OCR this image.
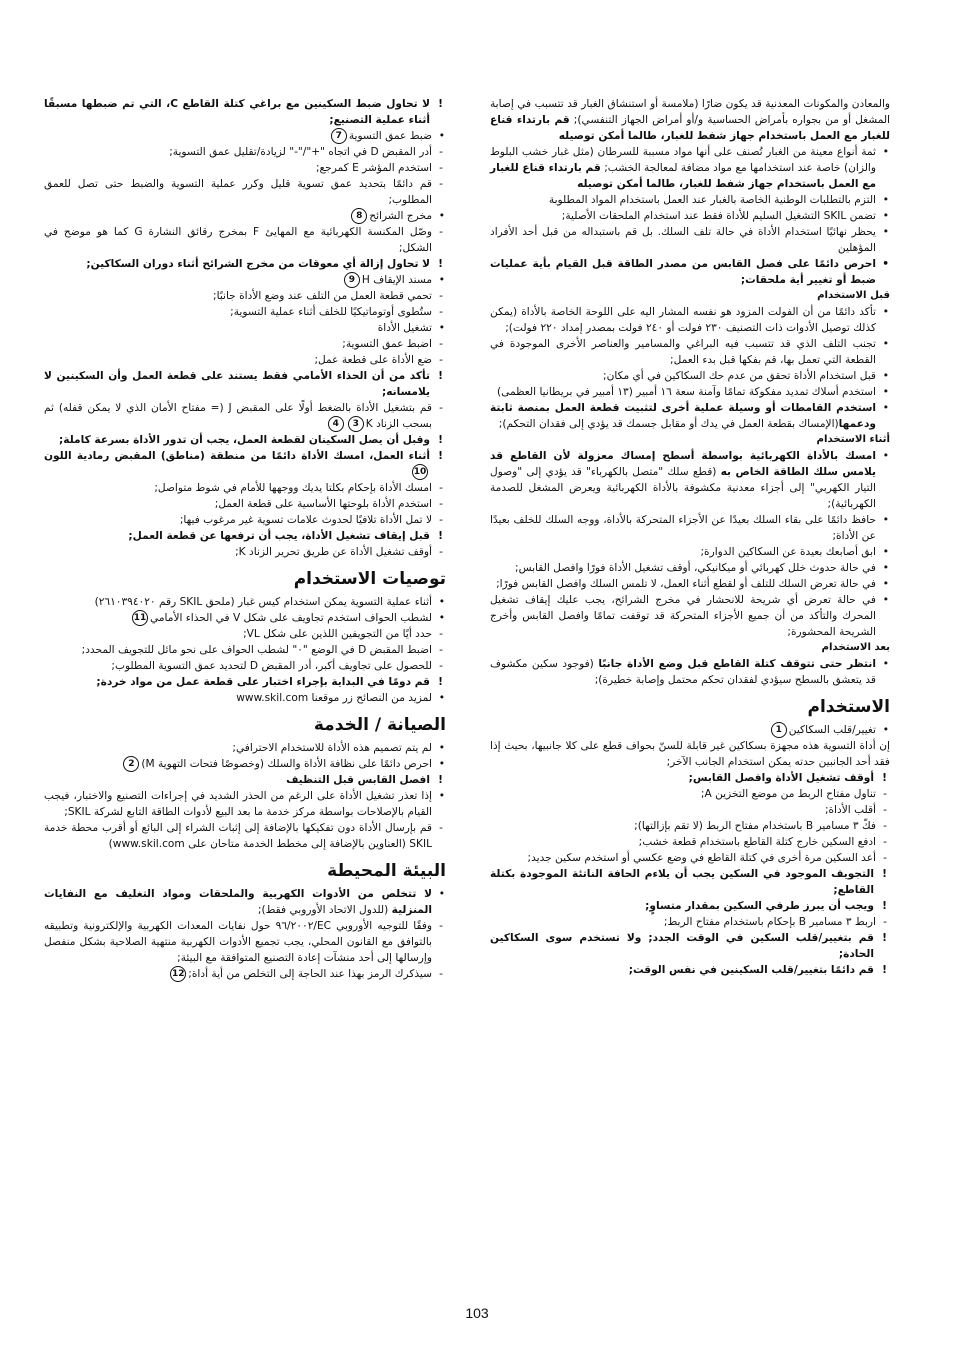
والمعادن والمكونات المعدنية قد يكون ضارًا (ملامسة أو استنشاق الغبار قد تتسبب في إصابة المشغل أو من بجواره بأمراض الحساسية و/أو أمراض الجهاز التنفسي); قم بارتداء قناع للغبار مع العمل باستخدام جهاز شفط للغبار، طالما أمكن توصيله

• ثمة أنواع معينة من الغبار تُصنف على أنها مواد مسببة للسرطان (مثل غبار خشب البلوط والزان) خاصة عند استخدامها مع مواد مضافة لمعالجة الخشب; قم بارتداء قناع للغبار مع العمل باستخدام جهاز شفط للغبار، طالما أمكن توصيله

• التزم بالتطلبات الوطنية الخاصة بالغبار عند العمل باستخدام المواد المطلوبة

• تضمن SKIL التشغيل السليم للأداة فقط عند استخدام الملحقات الأصلية;

• يحظر نهائيًا استخدام الأداة في حالة تلف السلك. بل قم باستبداله من قبل أحد الأفراد المؤهلين

• احرص دائمًا على فصل القابس من مصدر الطاقة قبل القيام بأية عمليات ضبط أو تغيير أية ملحقات;

قبل الاستخدام

• تأكد دائمًا من أن الفولت المزود هو نفسه المشار اليه على اللوحة الخاصة بالأداة (يمكن كذلك توصيل الأدوات ذات التصنيف ٢٣٠ فولت أو ٢٤٠ فولت بمصدر إمداد ٢٢٠ فولت);

• تجنب التلف الذي قد تتسبب فيه البراغي والمسامير والعناصر الأخرى الموجودة في القطعة التي تعمل بها، قم بفكها قبل بدء العمل;

• قبل استخدام الأداة تحقق من عدم حك السكاكين في أي مكان;

• استخدم أسلاك تمديد مفكوكة تمامًا وآمنة سعة ١٦ أمبير (١٣ أمبير في بريطانيا العظمى)

• استخدم القامطات أو وسيلة عملية أخرى لتثبيت قطعة العمل بمنصة ثابتة ودعمها(الإمساك بقطعة العمل في يدك أو مقابل جسمك قد يؤدي إلى فقدان التحكم);

أثناء الاستخدام

• امسك بالأداة الكهربائية بواسطة أسطح إمساك معزولة لأن القاطع قد يلامس سلك الطاقة الخاص به (قطع سلك "متصل بالكهرباء" قد يؤدي إلى "وصول التيار الكهربي" إلى أجزاء معدنية مكشوفة بالأداة الكهربائية ويعرض المشغل للصدمة الكهربائية);

• حافظ دائمًا على بقاء السلك بعيدًا عن الأجزاء المتحركة بالأداة، ووجه السلك للخلف بعيدًا عن الأداة;

• ابق أصابعك بعيدة عن السكاكين الدوارة;

• في حالة حدوث خلل كهربائي أو ميكانيكي، أوقف تشغيل الأداة فورًا وافصل القابس;

• في حالة تعرض السلك للتلف أو لقطع أثناء العمل، لا تلمس السلك وافصل القابس فورًا;

• في حالة تعرض أي شريحة للانحشار في مخرج الشرائح، يجب عليك إيقاف تشغيل المحرك والتأكد من أن جميع الأجزاء المتحركة قد توقفت تمامًا وافصل القابس وأخرج الشريحة المحشورة;

بعد الاستخدام

• انتظر حتى تتوقف كتلة القاطع قبل وضع الأداة جانبًا (فوجود سكين مكشوف قد يتعشق بالسطح سيؤدي لفقدان تحكم محتمل وإصابة خطيرة);

الاستخدام

• تغيير/قلب السكاكين1

إن أداة التسوية هذه مجهزة بسكاكين غير قابلة للسنّ بحواف قطع على كلا جانبيها، بحيث إذا فقد أحد الجانبين حدته يمكن استخدام الجانب الآخر;

! أوقف تشغيل الأداة وافصل القابس;

- تناول مفتاح الربط من موضع التخزين A;

- أقلب الأداة;

- فكّ ٣ مسامير B باستخدام مفتاح الربط (لا تقم بإزالتها);

- ادفع السكين خارج كتلة القاطع باستخدام قطعة خشب;

- أعد السكين مرة أخرى في كتلة القاطع في وضع عكسي أو استخدم سكين جديد;

! التجويف الموجود في السكين يجب أن يلاءم الحافة الناتئة الموجودة بكتلة القاطع;

! ويجب أن يبرز طرفي السكين بمقدار متساوٍ;

- اربط ٣ مسامير B بإحكام باستخدام مفتاح الربط;

! قم بتغيير/قلب السكين في الوقت الجدد; ولا تستخدم سوى السكاكين الحادة;

! قم دائمًا بتغيير/قلب السكينين في نفس الوقت;

! لا تحاول ضبط السكينين مع براغي كتلة القاطع C، التي تم ضبطها مسبقًا أثناء عملية التصنيع;

• ضبط عمق التسوية7

- أدر المقبض D في اتجاه "+"/"-" لزيادة/تقليل عمق التسوية;

- استخدم المؤشر E كمرجع;

- قم دائمًا بتحديد عمق تسوية قليل وكرر عملية التسوية والضبط حتى تصل للعمق المطلوب;

• مخرج الشرائح8

- وصّل المكنسة الكهربائية مع المهايئ F بمخرج رقائق النشارة G كما هو موضح في الشكل;

! لا تحاول إزالة أي معوقات من مخرج الشرائح أثناء دوران السكاكين;

• مسند الإيقاف H9

- تحمي قطعة العمل من التلف عند وضع الأداة جانبًا;

- ستُطوى أوتوماتيكيًا للخلف أثناء عملية التسوية;

• تشغيل الأداة

- اضبط عمق التسوية;

- ضع الأداة على قطعة عمل;

! تأكد من أن الحذاء الأمامي فقط يستند على قطعة العمل وأن السكينين لا يلامسانه;

- قم بتشغيل الأداة بالضغط أولًا على المقبض J (= مفتاح الأمان الذي لا يمكن قفله) ثم بسحب الزناد K34

! وقبل أن يصل السكينان لقطعة العمل، يجب أن تدور الأداة بسرعة كاملة;

! أثناء العمل، امسك الأداة دائمًا من منطقة (مناطق) المقبض رمادية اللون10

- امسك الأداة بإحكام بكلتا يديك ووجهها للأمام في شوط متواصل;

- استخدم الأداة بلوحتها الأساسية على قطعة العمل;

- لا تمل الأداة تلافيًا لحدوث علامات تسوية غير مرغوب فيها;

! قبل إيقاف تشغيل الأداة، يجب أن ترفعها عن قطعة العمل;

- أوقف تشغيل الأداة عن طريق تحرير الزناد K;

توصيات الاستخدام

• أثناء عملية التسوية يمكن استخدام كيس غبار (ملحق SKIL رقم ٢٦١٠٣٩٤٠٢٠)

• لشطب الحواف استخدم تجاويف على شكل V في الحذاء الأمامي11

- حدد أيًا من التجويفين اللذين على شكل VL;

- اضبط المقبض D في الوضع "٠" لشطب الحواف على نحو مائل للتجويف المحدد;

- للحصول على تجاويف أكبر، أدر المقبض D لتحديد عمق التسوية المطلوب;

! قم دومًا في البداية بإجراء اختبار على قطعة عمل من مواد خردة;

• لمزيد من النصائح زر موقعنا www.skil.com

الصيانة / الخدمة

• لم يتم تصميم هذه الأداة للاستخدام الاحترافي;

• احرص دائمًا على نظافة الأداة والسلك (وخصوصًا فتحات التهوية M)2

! افصل القابس قبل التنظيف

• إذا تعذر تشغيل الأداة على الرغم من الحذر الشديد في إجراءات التصنيع والاختبار، فيجب القيام بالإصلاحات بواسطة مركز خدمة ما بعد البيع لأدوات الطاقة التابع لشركة SKIL;

- قم بإرسال الأداة دون تفكيكها بالإضافة إلى إثبات الشراء إلى البائع أو أقرب محطة خدمة SKIL (العناوين بالإضافة إلى مخطط الخدمة متاحان على www.skil.com)

البيئة المحيطة

• لا تتخلص من الأدوات الكهربية والملحقات ومواد التغليف مع النفايات المنزلية (للدول الاتحاد الأوروبي فقط);

- وفقًا للتوجيه الأوروبي EC/٩٦/٢٠٠٢ حول نفايات المعدات الكهربية والإلكترونية وتطبيقه بالتوافق مع القانون المحلي، يجب تجميع الأدوات الكهربية منتهية الصلاحية بشكل منفصل وإرسالها إلى أحد منشآت إعادة التصنيع المتوافقة مع البيئة;

- سيذكرك الرمز بهذا عند الحاجة إلى التخلص من أية أداة;12

103
